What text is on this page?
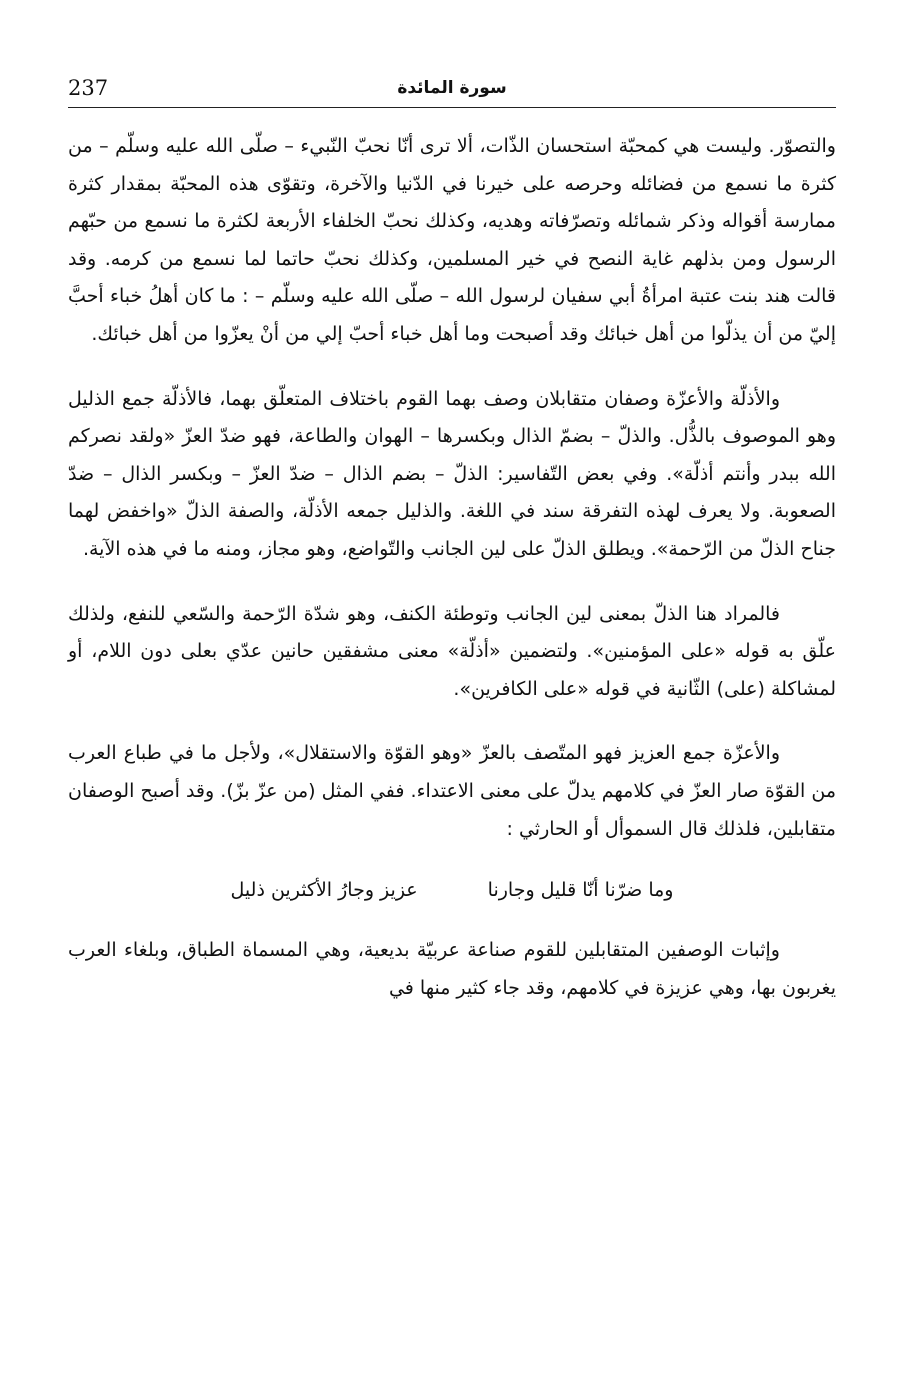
237	سورة المائدة

والتصوّر. وليست هي كمحبّة استحسان الذّات، ألا ترى أنّا نحبّ النّبيء – صلّى الله عليه وسلّم – من كثرة ما نسمع من فضائله وحرصه على خيرنا في الدّنيا والآخرة، وتقوّى هذه المحبّة بمقدار كثرة ممارسة أقواله وذكر شمائله وتصرّفاته وهديه، وكذلك نحبّ الخلفاء الأربعة لكثرة ما نسمع من حبّهم الرسول ومن بذلهم غاية النصح في خير المسلمين، وكذلك نحبّ حاتما لما نسمع من كرمه. وقد قالت هند بنت عتبة امرأةُ أبي سفيان لرسول الله – صلّى الله عليه وسلّم – : ما كان أهلُ خباء أحبَّ إليّ من أن يذلّوا من أهل خبائك وقد أصبحت وما أهل خباء أحبّ إلي من أنْ يعزّوا من أهل خبائك.

والأذلّة والأعزّة وصفان متقابلان وصف بهما القوم باختلاف المتعلّق بهما، فالأذلّة جمع الذليل وهو الموصوف بالذُّل. والذلّ – بضمّ الذال وبكسرها – الهوان والطاعة، فهو ضدّ العزّ «ولقد نصركم الله ببدر وأنتم أذلّة». وفي بعض التّفاسير: الذلّ – بضم الذال – ضدّ العزّ – وبكسر الذال – ضدّ الصعوبة. ولا يعرف لهذه التفرقة سند في اللغة. والذليل جمعه الأذلّة، والصفة الذلّ «واخفض لهما جناح الذلّ من الرّحمة». ويطلق الذلّ على لين الجانب والتّواضع، وهو مجاز، ومنه ما في هذه الآية.

فالمراد هنا الذلّ بمعنى لين الجانب وتوطئة الكنف، وهو شدّة الرّحمة والسّعي للنفع، ولذلك علّق به قوله «على المؤمنين». ولتضمين «أذلّة» معنى مشفقين حانين عدّي بعلى دون اللام، أو لمشاكلة (على) الثّانية في قوله «على الكافرين».

والأعزّة جمع العزيز فهو المتّصف بالعزّ «وهو القوّة والاستقلال»، ولأجل ما في طباع العرب من القوّة صار العزّ في كلامهم يدلّ على معنى الاعتداء. ففي المثل (من عزّ بزّ). وقد أصبح الوصفان متقابلين، فلذلك قال السموأل أو الحارثي :

وما ضرّنا أنّا قليل وجارنا
عزيز وجارُ الأكثرين ذليل

وإثبات الوصفين المتقابلين للقوم صناعة عربيّة بديعية، وهي المسماة الطباق، وبلغاء العرب يغربون بها، وهي عزيزة في كلامهم، وقد جاء كثير منها في
